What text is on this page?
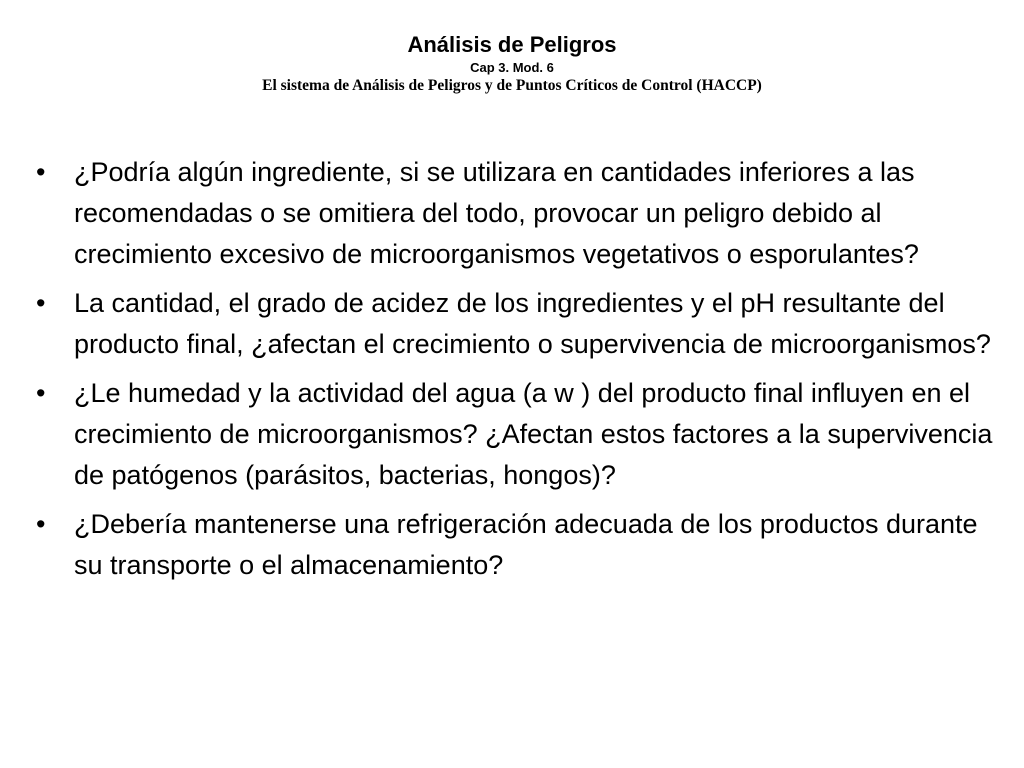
Análisis de Peligros
Cap 3. Mod. 6
El sistema de Análisis de Peligros y de Puntos Críticos de Control (HACCP)
• ¿Podría algún ingrediente, si se utilizara en cantidades inferiores a las recomendadas o se omitiera del todo, provocar un peligro debido al crecimiento excesivo de microorganismos vegetativos o esporulantes?
• La cantidad, el grado de acidez de los ingredientes y el pH resultante del producto final, ¿afectan el crecimiento o supervivencia de microorganismos?
• ¿Le humedad y la actividad del agua (a w ) del producto final influyen en el crecimiento de microorganismos? ¿Afectan estos factores a la supervivencia de patógenos (parásitos, bacterias, hongos)?
• ¿Debería mantenerse una refrigeración adecuada de los productos durante su transporte o el almacenamiento?
